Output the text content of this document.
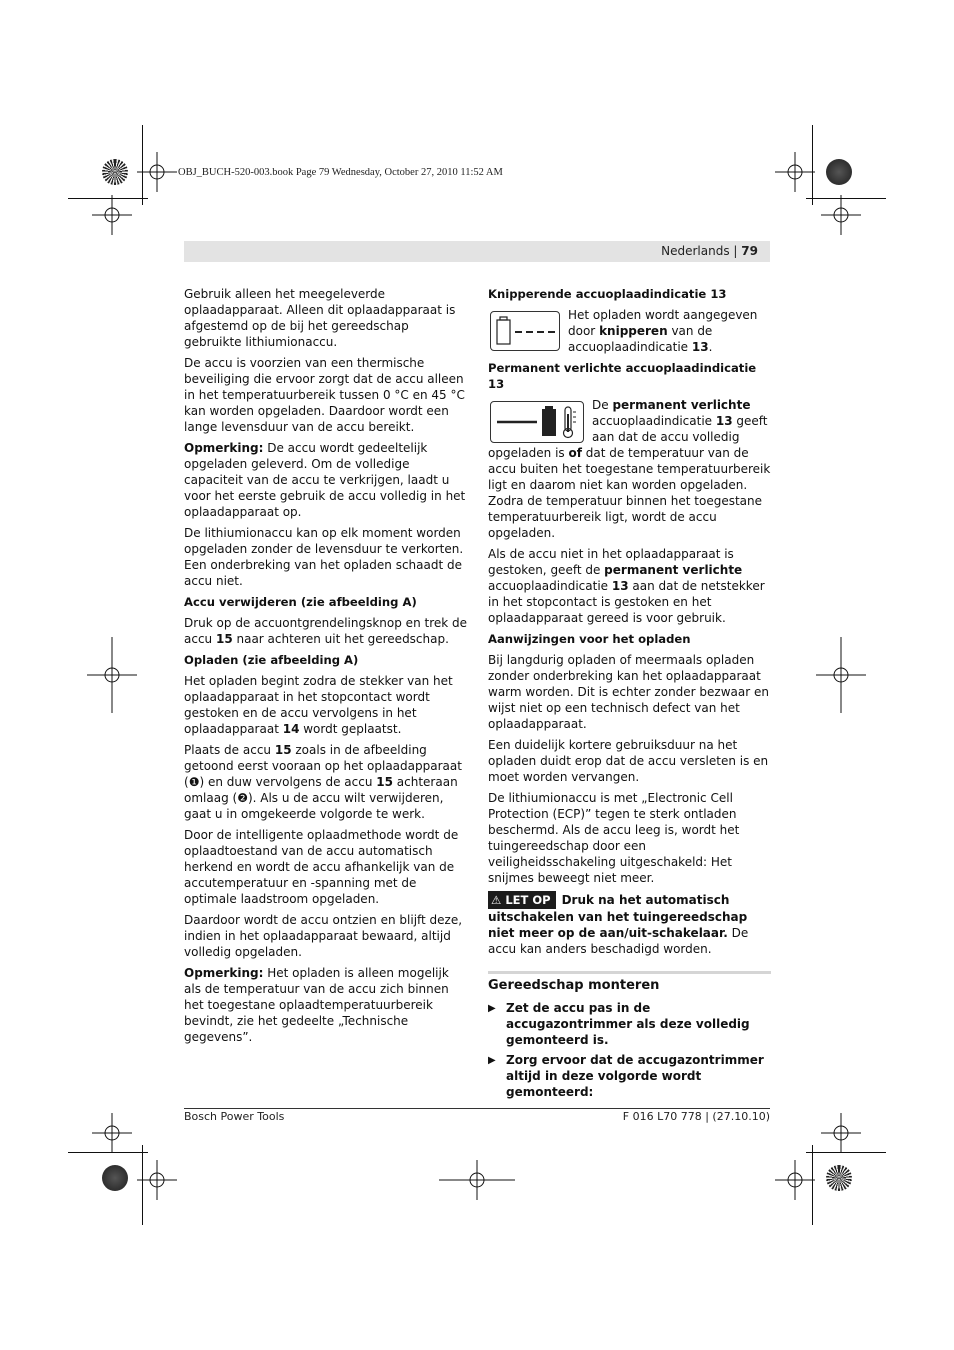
OBJ_BUCH-520-003.book Page 79 Wednesday, October 27, 2010 11:52 AM
Nederlands | 79

Gebruik alleen het meegeleverde oplaadapparaat. Alleen dit oplaadapparaat is afgestemd op de bij het gereedschap gebruikte lithiumionaccu.

De accu is voorzien van een thermische beveiliging die ervoor zorgt dat de accu alleen in het temperatuurbereik tussen 0 °C en 45 °C kan worden opgeladen. Daardoor wordt een lange levensduur van de accu bereikt.

Opmerking: De accu wordt gedeeltelijk opgeladen geleverd. Om de volledige capaciteit van de accu te verkrijgen, laadt u voor het eerste gebruik de accu volledig in het oplaadapparaat op.

De lithiumionaccu kan op elk moment worden opgeladen zonder de levensduur te verkorten. Een onderbreking van het opladen schaadt de accu niet.

Accu verwijderen (zie afbeelding A)

Druk op de accuontgrendelingsknop en trek de accu 15 naar achteren uit het gereedschap.

Opladen (zie afbeelding A)

Het opladen begint zodra de stekker van het oplaadapparaat in het stopcontact wordt gestoken en de accu vervolgens in het oplaadapparaat 14 wordt geplaatst.

Plaats de accu 15 zoals in de afbeelding getoond eerst vooraan op het oplaadapparaat (❶) en duw vervolgens de accu 15 achteraan omlaag (❷). Als u de accu wilt verwijderen, gaat u in omgekeerde volgorde te werk.

Door de intelligente oplaadmethode wordt de oplaadtoestand van de accu automatisch herkend en wordt de accu afhankelijk van de accutemperatuur en -spanning met de optimale laadstroom opgeladen.

Daardoor wordt de accu ontzien en blijft deze, indien in het oplaadapparaat bewaard, altijd volledig opgeladen.

Opmerking: Het opladen is alleen mogelijk als de temperatuur van de accu zich binnen het toegestane oplaadtemperatuurbereik bevindt, zie het gedeelte „Technische gegevens”.

Knipperende accuoplaadindicatie 13
Het opladen wordt aangegeven door knipperen van de accuoplaadindicatie 13.
Permanent verlichte accuoplaadindicatie 13

De permanent verlichte accuoplaadindicatie 13 geeft aan dat de accu volledig opgeladen is of dat de temperatuur van de accu buiten het toegestane temperatuurbereik ligt en daarom niet kan worden opgeladen. Zodra de temperatuur binnen het toegestane temperatuurbereik ligt, wordt de accu opgeladen.

Als de accu niet in het oplaadapparaat is gestoken, geeft de permanent verlichte accuoplaadindicatie 13 aan dat de netstekker in het stopcontact is gestoken en het oplaadapparaat gereed is voor gebruik.

Aanwijzingen voor het opladen

Bij langdurig opladen of meermaals opladen zonder onderbreking kan het oplaadapparaat warm worden. Dit is echter zonder bezwaar en wijst niet op een technisch defect van het oplaadapparaat.

Een duidelijk kortere gebruiksduur na het opladen duidt erop dat de accu versleten is en moet worden vervangen.

De lithiumionaccu is met „Electronic Cell Protection (ECP)” tegen te sterk ontladen beschermd. Als de accu leeg is, wordt het tuingereedschap door een veiligheidsschakeling uitgeschakeld: Het snijmes beweegt niet meer.

⚠ LET OP Druk na het automatisch uitschakelen van het tuingereedschap niet meer op de aan/uit-schakelaar. De accu kan anders beschadigd worden.

Gereedschap monteren
▶ Zet de accu pas in de accugazontrimmer als deze volledig gemonteerd is.
▶ Zorg ervoor dat de accugazontrimmer altijd in deze volgorde wordt gemonteerd:
Bosch Power Tools	F 016 L70 778 | (27.10.10)
